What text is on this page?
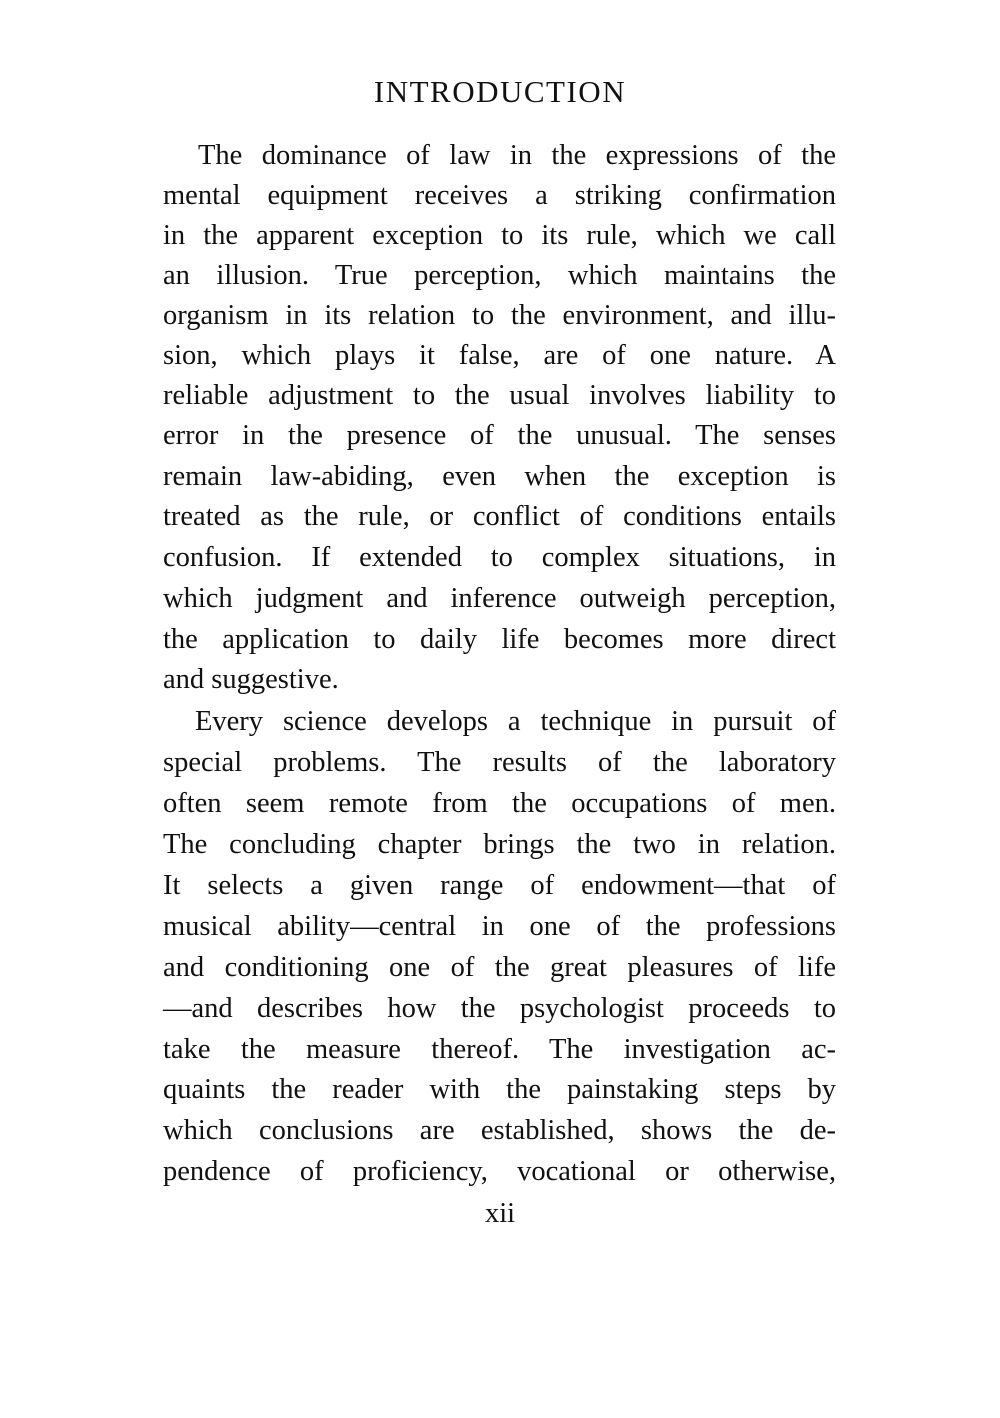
INTRODUCTION
The dominance of law in the expressions of the
mental equipment receives a striking confirmation
in the apparent exception to its rule, which we call
an illusion. True perception, which maintains the
organism in its relation to the environment, and illu-
sion, which plays it false, are of one nature. A
reliable adjustment to the usual involves liability to
error in the presence of the unusual. The senses
remain law-abiding, even when the exception is
treated as the rule, or conflict of conditions entails
confusion. If extended to complex situations, in
which judgment and inference outweigh perception,
the application to daily life becomes more direct
and suggestive.
Every science develops a technique in pursuit of
special problems. The results of the laboratory
often seem remote from the occupations of men.
The concluding chapter brings the two in relation.
It selects a given range of endowment—that of
musical ability—central in one of the professions
and conditioning one of the great pleasures of life
—and describes how the psychologist proceeds to
take the measure thereof. The investigation ac-
quaints the reader with the painstaking steps by
which conclusions are established, shows the de-
pendence of proficiency, vocational or otherwise,
xii
